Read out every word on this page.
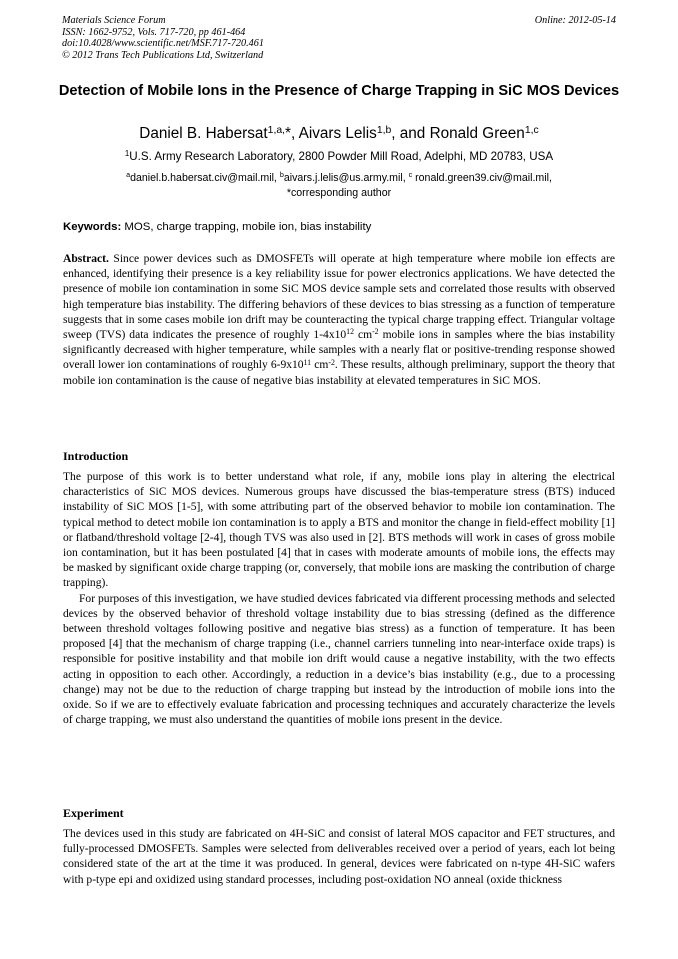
Materials Science Forum
ISSN: 1662-9752, Vols. 717-720, pp 461-464
doi:10.4028/www.scientific.net/MSF.717-720.461
© 2012 Trans Tech Publications Ltd, Switzerland
Online: 2012-05-14
Detection of Mobile Ions in the Presence of Charge Trapping in SiC MOS Devices
Daniel B. Habersat$^{1,a,}$*, Aivars Lelis$^{1,b}$, and Ronald Green$^{1,c}$
$^1$U.S. Army Research Laboratory, 2800 Powder Mill Road, Adelphi, MD 20783, USA
$^a$daniel.b.habersat.civ@mail.mil, $^b$aivars.j.lelis@us.army.mil, $^c$ ronald.green39.civ@mail.mil,
*corresponding author
Keywords: MOS, charge trapping, mobile ion, bias instability

Abstract. Since power devices such as DMOSFETs will operate at high temperature where mobile ion effects are enhanced, identifying their presence is a key reliability issue for power electronics applications. We have detected the presence of mobile ion contamination in some SiC MOS device sample sets and correlated those results with observed high temperature bias instability. The differing behaviors of these devices to bias stressing as a function of temperature suggests that in some cases mobile ion drift may be counteracting the typical charge trapping effect. Triangular voltage sweep (TVS) data indicates the presence of roughly $1-4x10^{12}$ $cm^{-2}$ mobile ions in samples where the bias instability significantly decreased with higher temperature, while samples with a nearly flat or positive-trending response showed overall lower ion contaminations of roughly $6-9x10^{11}$ $cm^{-2}$. These results, although preliminary, support the theory that mobile ion contamination is the cause of negative bias instability at elevated temperatures in SiC MOS.

Introduction

The purpose of this work is to better understand what role, if any, mobile ions play in altering the electrical characteristics of SiC MOS devices. Numerous groups have discussed the bias-temperature stress (BTS) induced instability of SiC MOS [1-5], with some attributing part of the observed behavior to mobile ion contamination. The typical method to detect mobile ion contamination is to apply a BTS and monitor the change in field-effect mobility [1] or flatband/threshold voltage [2-4], though TVS was also used in [2]. BTS methods will work in cases of gross mobile ion contamination, but it has been postulated [4] that in cases with moderate amounts of mobile ions, the effects may be masked by significant oxide charge trapping (or, conversely, that mobile ions are masking the contribution of charge trapping).

For purposes of this investigation, we have studied devices fabricated via different processing methods and selected devices by the observed behavior of threshold voltage instability due to bias stressing (defined as the difference between threshold voltages following positive and negative bias stress) as a function of temperature. It has been proposed [4] that the mechanism of charge trapping (i.e., channel carriers tunneling into near-interface oxide traps) is responsible for positive instability and that mobile ion drift would cause a negative instability, with the two effects acting in opposition to each other. Accordingly, a reduction in a device’s bias instability (e.g., due to a processing change) may not be due to the reduction of charge trapping but instead by the introduction of mobile ions into the oxide. So if we are to effectively evaluate fabrication and processing techniques and accurately characterize the levels of charge trapping, we must also understand the quantities of mobile ions present in the device.

Experiment

The devices used in this study are fabricated on 4H-SiC and consist of lateral MOS capacitor and FET structures, and fully-processed DMOSFETs. Samples were selected from deliverables received over a period of years, each lot being considered state of the art at the time it was produced. In general, devices were fabricated on n-type 4H-SiC wafers with p-type epi and oxidized using standard processes, including post-oxidation NO anneal (oxide thickness
